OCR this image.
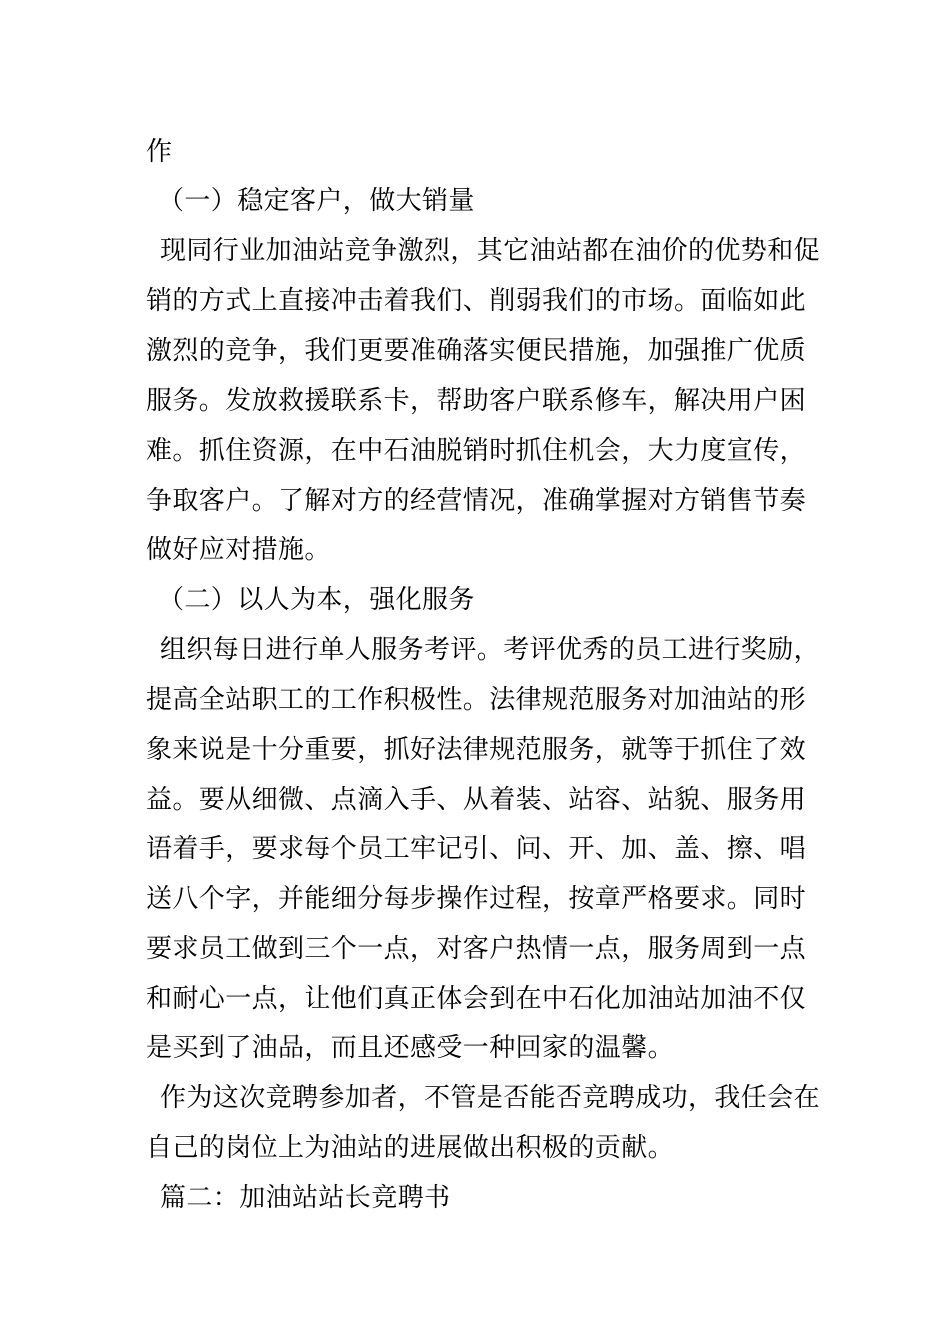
作
（一）稳定客户，做大销量
现同行业加油站竞争激烈，其它油站都在油价的优势和促
销的方式上直接冲击着我们、削弱我们的市场。面临如此
激烈的竞争，我们更要准确落实便民措施，加强推广优质
服务。发放救援联系卡，帮助客户联系修车，解决用户困
难。抓住资源，在中石油脱销时抓住机会，大力度宣传，
争取客户。了解对方的经营情况，准确掌握对方销售节奏
做好应对措施。
（二）以人为本，强化服务
组织每日进行单人服务考评。考评优秀的员工进行奖励，
提高全站职工的工作积极性。法律规范服务对加油站的形
象来说是十分重要，抓好法律规范服务，就等于抓住了效
益。要从细微、点滴入手、从着装、站容、站貌、服务用
语着手，要求每个员工牢记引、问、开、加、盖、擦、唱
送八个字，并能细分每步操作过程，按章严格要求。同时
要求员工做到三个一点，对客户热情一点，服务周到一点
和耐心一点，让他们真正体会到在中石化加油站加油不仅
是买到了油品，而且还感受一种回家的温馨。
作为这次竞聘参加者，不管是否能否竞聘成功，我任会在
自己的岗位上为油站的进展做出积极的贡献。
篇二：加油站站长竞聘书
